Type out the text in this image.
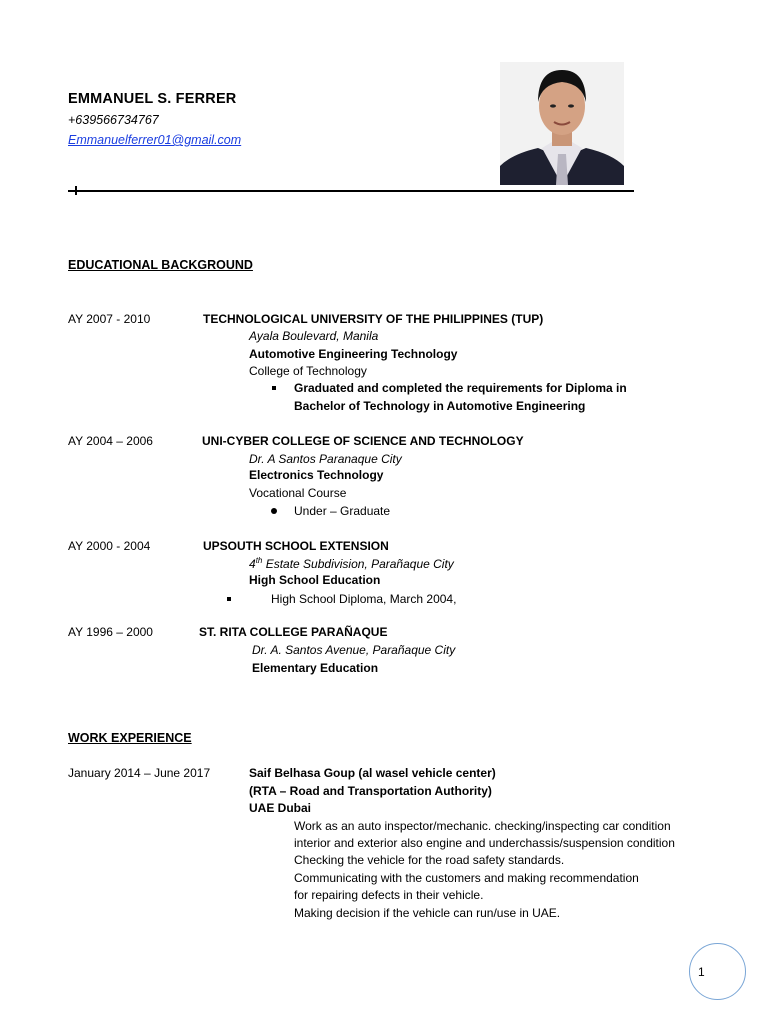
EMMANUEL S. FERRER
+639566734767
Emmanuelferrer01@gmail.com
EDUCATIONAL BACKGROUND
AY 2007 - 2010	TECHNOLOGICAL UNIVERSITY OF THE PHILIPPINES (TUP)
Ayala Boulevard, Manila
Automotive Engineering Technology
College of Technology
Graduated and completed the requirements for Diploma in
Bachelor of Technology in Automotive Engineering
AY 2004 – 2006	UNI-CYBER COLLEGE OF SCIENCE AND TECHNOLOGY
Dr. A Santos Paranaque City
Electronics Technology
Vocational Course
Under – Graduate
AY 2000 - 2004	UPSOUTH SCHOOL EXTENSION
4th Estate Subdivision, Parañaque City
High School Education
High School Diploma, March 2004,
AY 1996 – 2000	ST. RITA COLLEGE PARAÑAQUE
Dr. A. Santos Avenue, Parañaque City
Elementary Education
WORK EXPERIENCE
January 2014 – June 2017	Saif Belhasa Goup (al wasel vehicle center)
(RTA – Road and Transportation Authority)
UAE Dubai
Work as an auto inspector/mechanic. checking/inspecting car condition
interior and exterior also engine and underchassis/suspension condition
Checking the vehicle for the road safety standards.
Communicating with the customers and making recommendation
for repairing defects in their vehicle.
Making decision if the vehicle can run/use in UAE.
1
